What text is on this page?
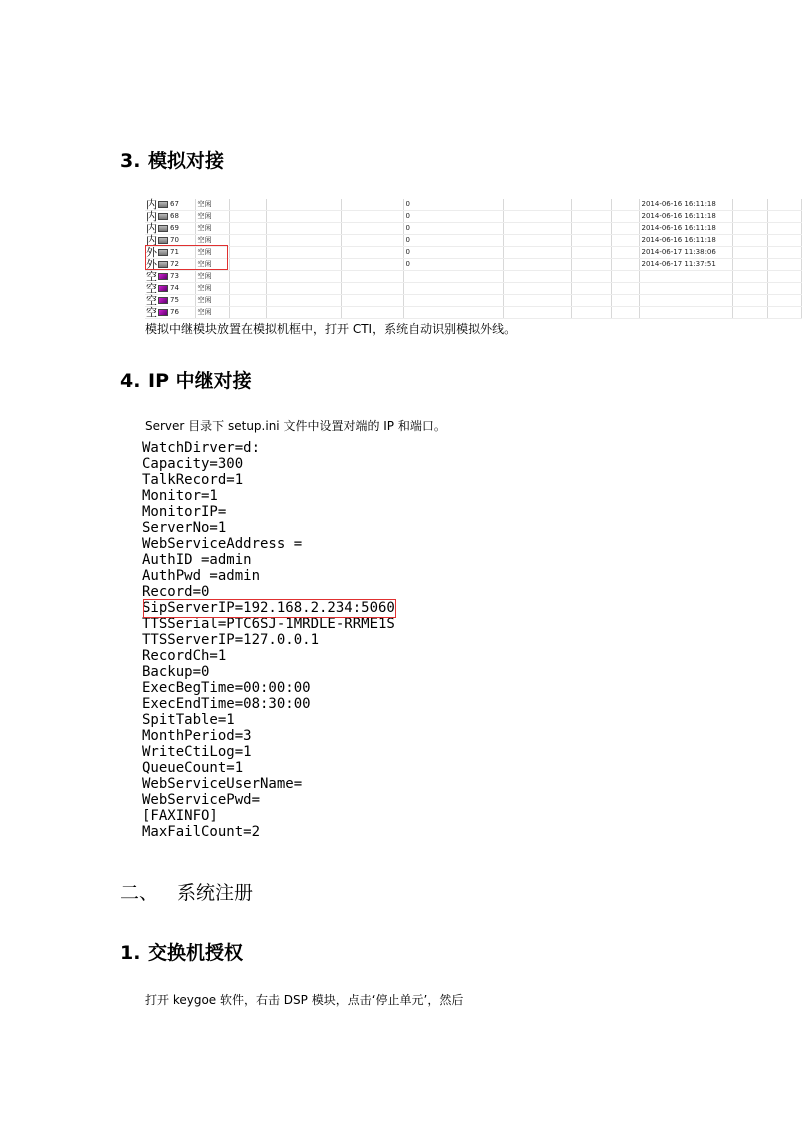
3. 模拟对接
内 67	空闲				0				2014-06-16 16:11:18		
内 68	空闲				0				2014-06-16 16:11:18		
内 69	空闲				0				2014-06-16 16:11:18		
内 70	空闲				0				2014-06-16 16:11:18		
外 71	空闲				0				2014-06-17 11:38:06		
外 72	空闲				0				2014-06-17 11:37:51		
空 73	空闲										
空 74	空闲										
空 75	空闲										
空 76	空闲										

模拟中继模块放置在模拟机框中，打开 CTI，系统自动识别模拟外线。

4. IP 中继对接

Server 目录下 setup.ini 文件中设置对端的 IP 和端口。

WatchDirver=d:
Capacity=300
TalkRecord=1
Monitor=1
MonitorIP=
ServerNo=1
WebServiceAddress =
AuthID =admin
AuthPwd =admin
Record=0
SipServerIP=192.168.2.234:5060
TTSSerial=PTC6SJ-1MRDLE-RRME1S
TTSServerIP=127.0.0.1
RecordCh=1
Backup=0
ExecBegTime=00:00:00
ExecEndTime=08:30:00
SpitTable=1
MonthPeriod=3
WriteCtiLog=1
QueueCount=1
WebServiceUserName=
WebServicePwd=
[FAXINFO]
MaxFailCount=2
二、 系统注册
1. 交换机授权

打开 keygoe 软件，右击 DSP 模块，点击‘停止单元’，然后
